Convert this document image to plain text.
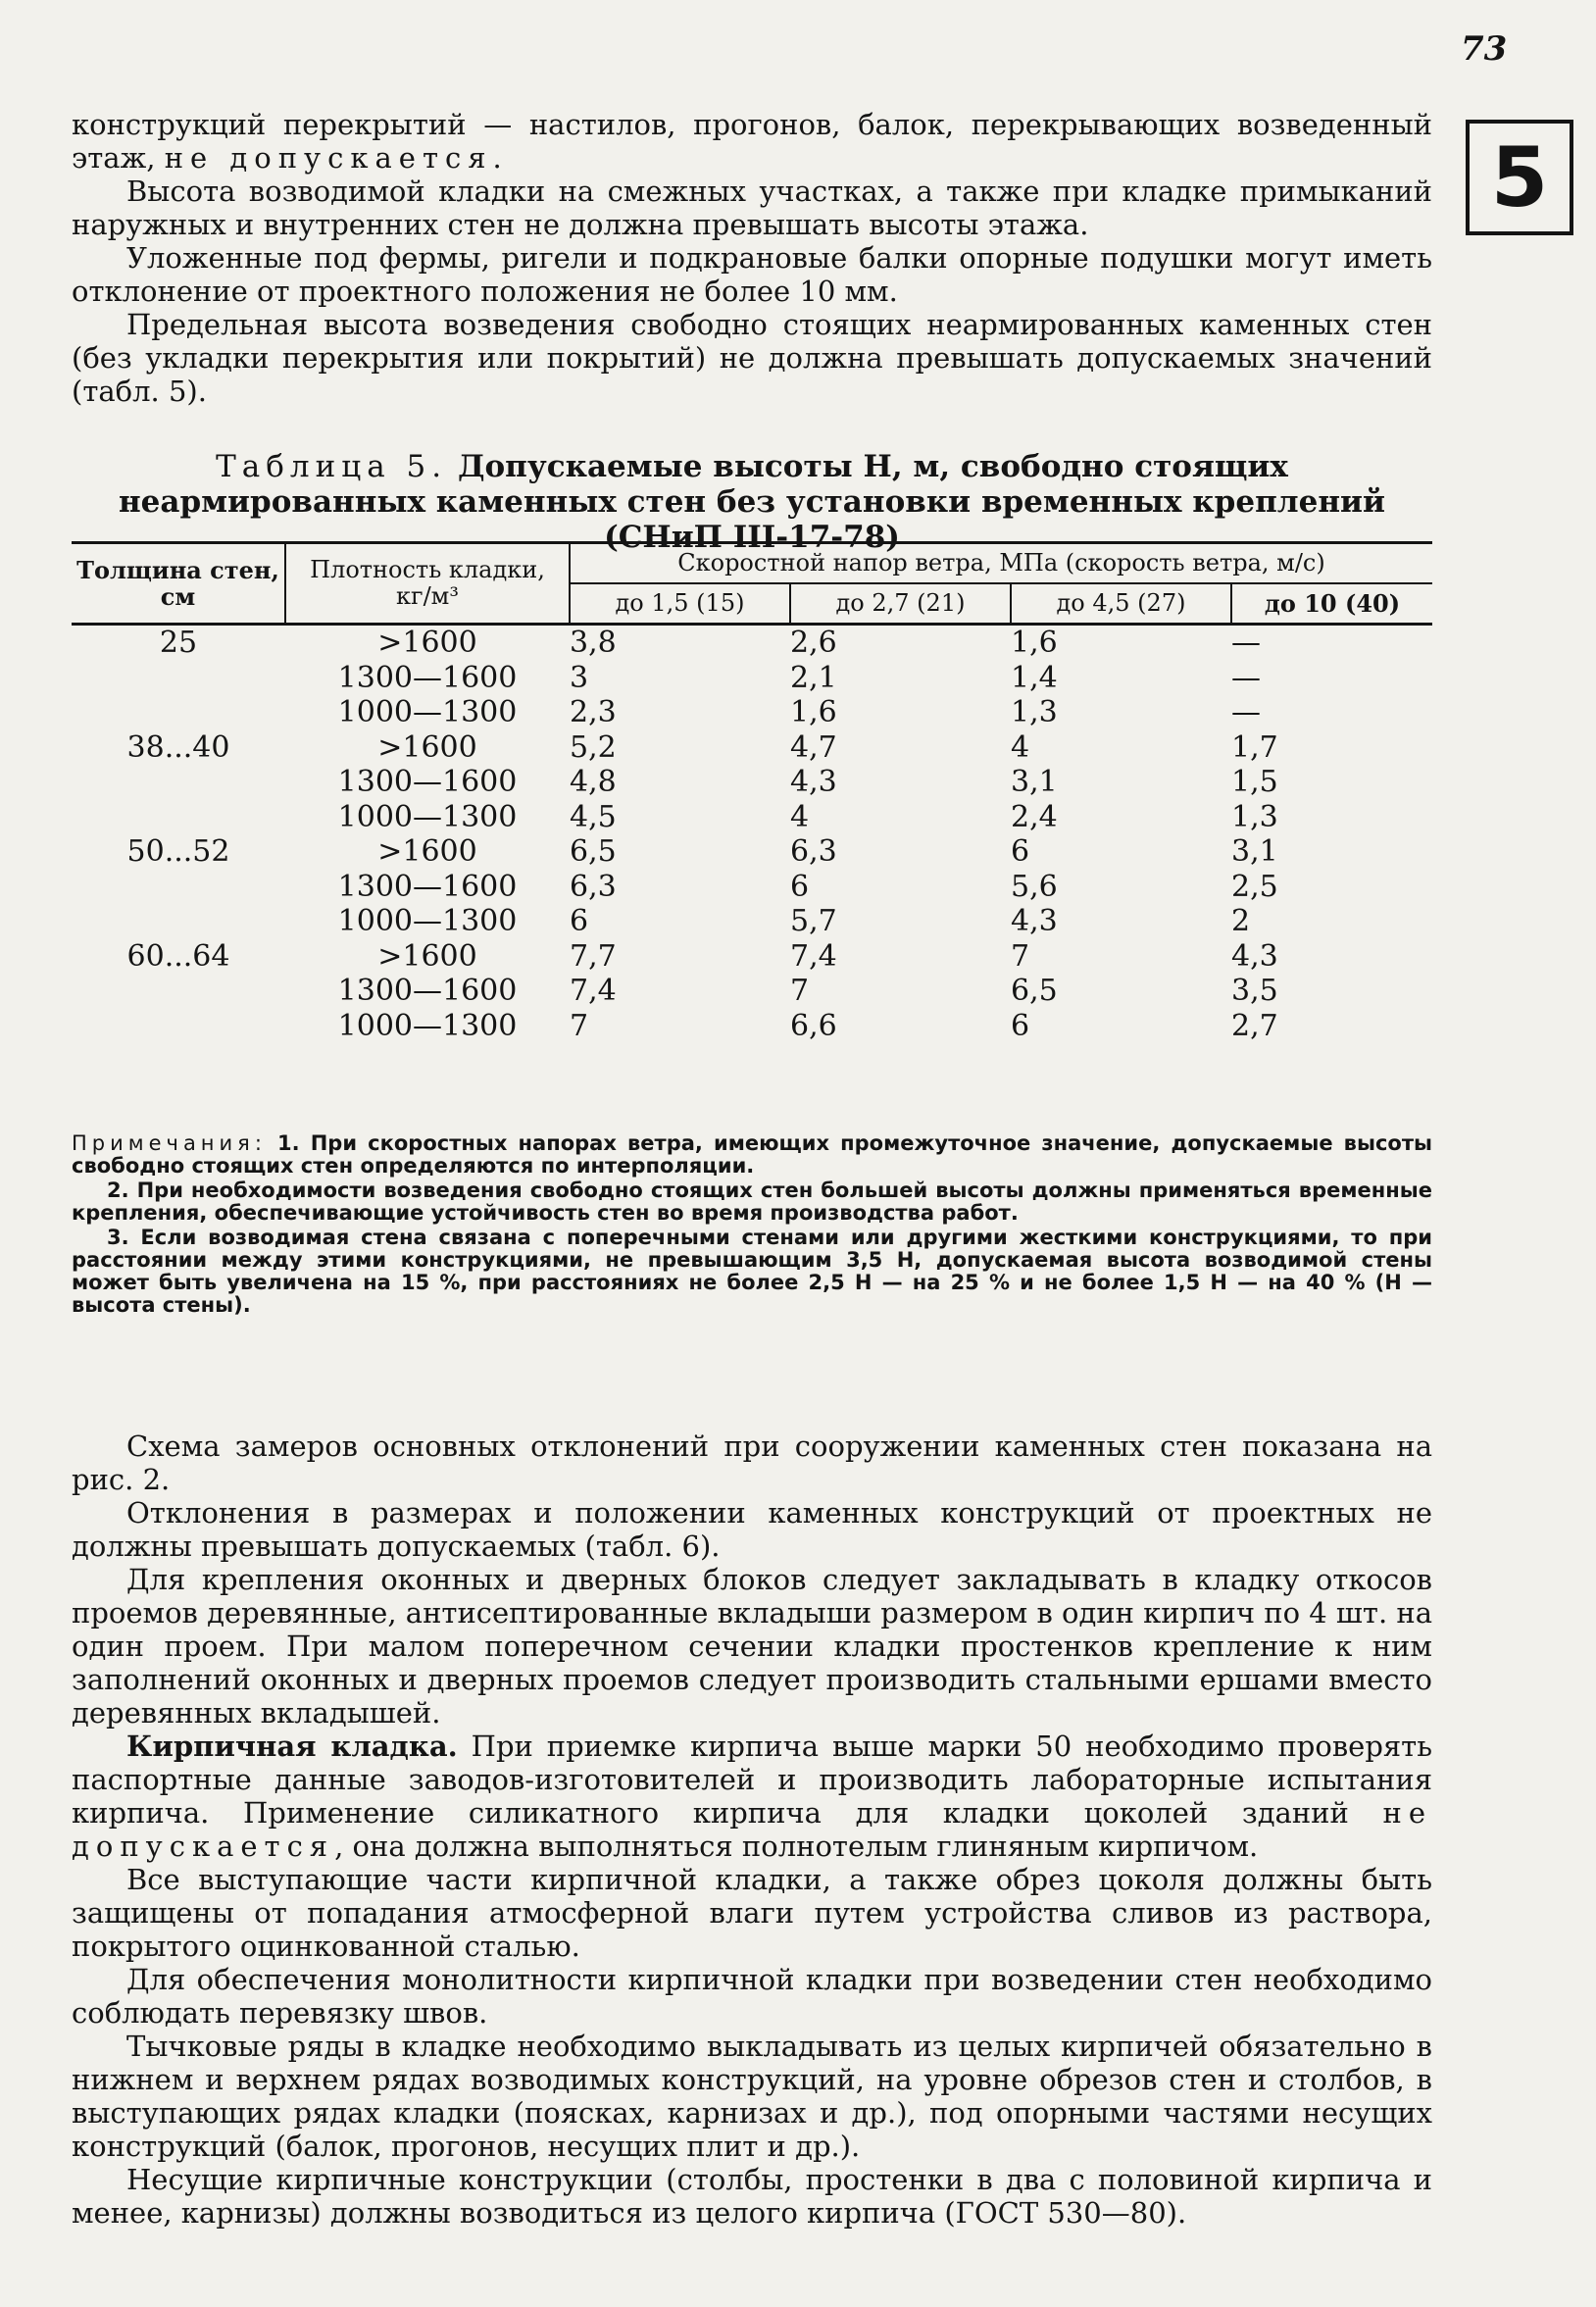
73
5

конструкций перекрытий — настилов, прогонов, балок, перекрывающих возведенный этаж, не допускается.

Высота возводимой кладки на смежных участках, а также при кладке примыканий наружных и внутренних стен не должна превышать высоты этажа.

Уложенные под фермы, ригели и подкрановые балки опорные подушки могут иметь отклонение от проектного положения не более 10 мм.

Предельная высота возведения свободно стоящих неармированных каменных стен (без укладки перекрытия или покрытий) не должна превышать допускаемых значений (табл. 5).

Таблица 5. Допускаемые высоты H, м, свободно стоящих неармированных каменных стен без установки временных креплений (СНиП III-17-78)

Толщина стен, см	Плотность кладки, кг/м³	Скоростной напор ветра, МПа (скорость ветра, м/с)			
		до 1,5 (15)	до 2,7 (21)	до 4,5 (27)	до 10 (40)
25	>1600	3,8	2,6	1,6	—
	1300—1600	3	2,1	1,4	—
	1000—1300	2,3	1,6	1,3	—
38...40	>1600	5,2	4,7	4	1,7
	1300—1600	4,8	4,3	3,1	1,5
	1000—1300	4,5	4	2,4	1,3
50...52	>1600	6,5	6,3	6	3,1
	1300—1600	6,3	6	5,6	2,5
	1000—1300	6	5,7	4,3	2
60...64	>1600	7,7	7,4	7	4,3
	1300—1600	7,4	7	6,5	3,5
	1000—1300	7	6,6	6	2,7

Примечания: 1. При скоростных напорах ветра, имеющих промежуточное значение, допускаемые высоты свободно стоящих стен определяются по интерполяции.

2. При необходимости возведения свободно стоящих стен большей высоты должны применяться временные крепления, обеспечивающие устойчивость стен во время производства работ.

3. Если возводимая стена связана с поперечными стенами или другими жесткими конструкциями, то при расстоянии между этими конструкциями, не превышающим 3,5 H, допускаемая высота возводимой стены может быть увеличена на 15 %, при расстояниях не более 2,5 H — на 25 % и не более 1,5 H — на 40 % (H — высота стены).

Схема замеров основных отклонений при сооружении каменных стен показана на рис. 2.

Отклонения в размерах и положении каменных конструкций от проектных не должны превышать допускаемых (табл. 6).

Для крепления оконных и дверных блоков следует закладывать в кладку откосов проемов деревянные, антисептированные вкладыши размером в один кирпич по 4 шт. на один проем. При малом поперечном сечении кладки простенков крепление к ним заполнений оконных и дверных проемов следует производить стальными ершами вместо деревянных вкладышей.

Кирпичная кладка. При приемке кирпича выше марки 50 необходимо проверять паспортные данные заводов-изготовителей и производить лабораторные испытания кирпича. Применение силикатного кирпича для кладки цоколей зданий не допускается, она должна выполняться полнотелым глиняным кирпичом.

Все выступающие части кирпичной кладки, а также обрез цоколя должны быть защищены от попадания атмосферной влаги путем устройства сливов из раствора, покрытого оцинкованной сталью.

Для обеспечения монолитности кирпичной кладки при возведении стен необходимо соблюдать перевязку швов.

Тычковые ряды в кладке необходимо выкладывать из целых кирпичей обязательно в нижнем и верхнем рядах возводимых конструкций, на уровне обрезов стен и столбов, в выступающих рядах кладки (поясках, карнизах и др.), под опорными частями несущих конструкций (балок, прогонов, несущих плит и др.).

Несущие кирпичные конструкции (столбы, простенки в два с половиной кирпича и менее, карнизы) должны возводиться из целого кирпича (ГОСТ 530—80).
